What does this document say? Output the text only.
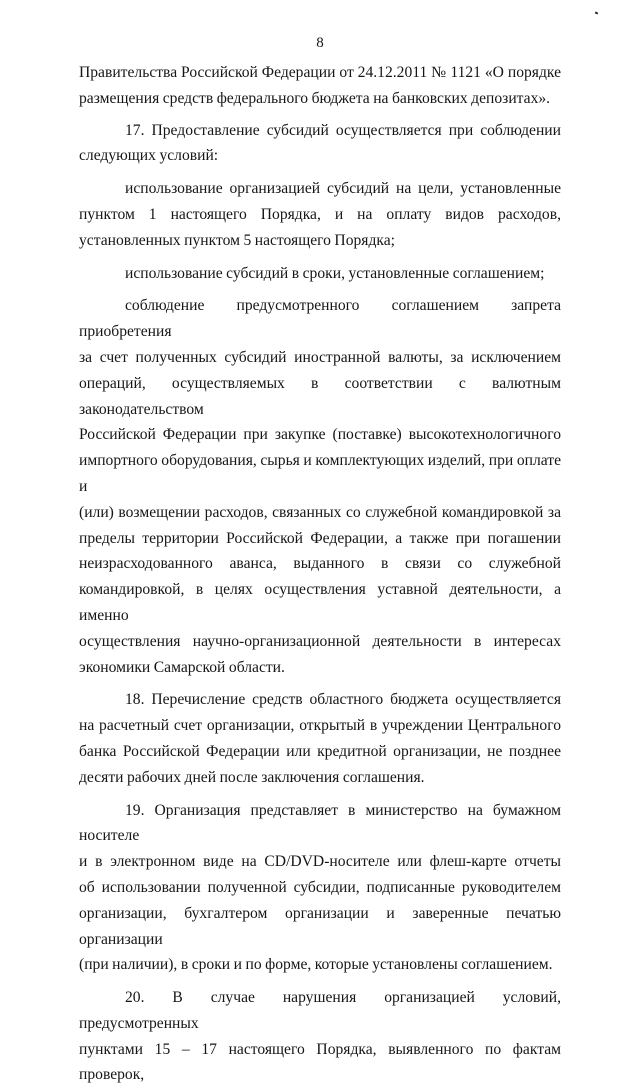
8
Правительства Российской Федерации от 24.12.2011 № 1121 «О порядке
размещения средств федерального бюджета на банковских депозитах».
17. Предоставление субсидий осуществляется при соблюдении
следующих условий:
использование организацией субсидий на цели, установленные
пунктом 1 настоящего Порядка, и на оплату видов расходов,
установленных пунктом 5 настоящего Порядка;
использование субсидий в сроки, установленные соглашением;
соблюдение предусмотренного соглашением запрета приобретения
за счет полученных субсидий иностранной валюты, за исключением
операций, осуществляемых в соответствии с валютным законодательством
Российской Федерации при закупке (поставке) высокотехнологичного
импортного оборудования, сырья и комплектующих изделий, при оплате и
(или) возмещении расходов, связанных со служебной командировкой за
пределы территории Российской Федерации, а также при погашении
неизрасходованного аванса, выданного в связи со служебной
командировкой, в целях осуществления уставной деятельности, а именно
осуществления научно-организационной деятельности в интересах
экономики Самарской области.
18. Перечисление средств областного бюджета осуществляется
на расчетный счет организации, открытый в учреждении Центрального
банка Российской Федерации или кредитной организации, не позднее
десяти рабочих дней после заключения соглашения.
19. Организация представляет в министерство на бумажном носителе
и в электронном виде на CD/DVD-носителе или флеш-карте отчеты
об использовании полученной субсидии, подписанные руководителем
организации, бухгалтером организации и заверенные печатью организации
(при наличии), в сроки и по форме, которые установлены соглашением.
20. В случае нарушения организацией условий, предусмотренных
пунктами 15 – 17 настоящего Порядка, выявленного по фактам проверок,
